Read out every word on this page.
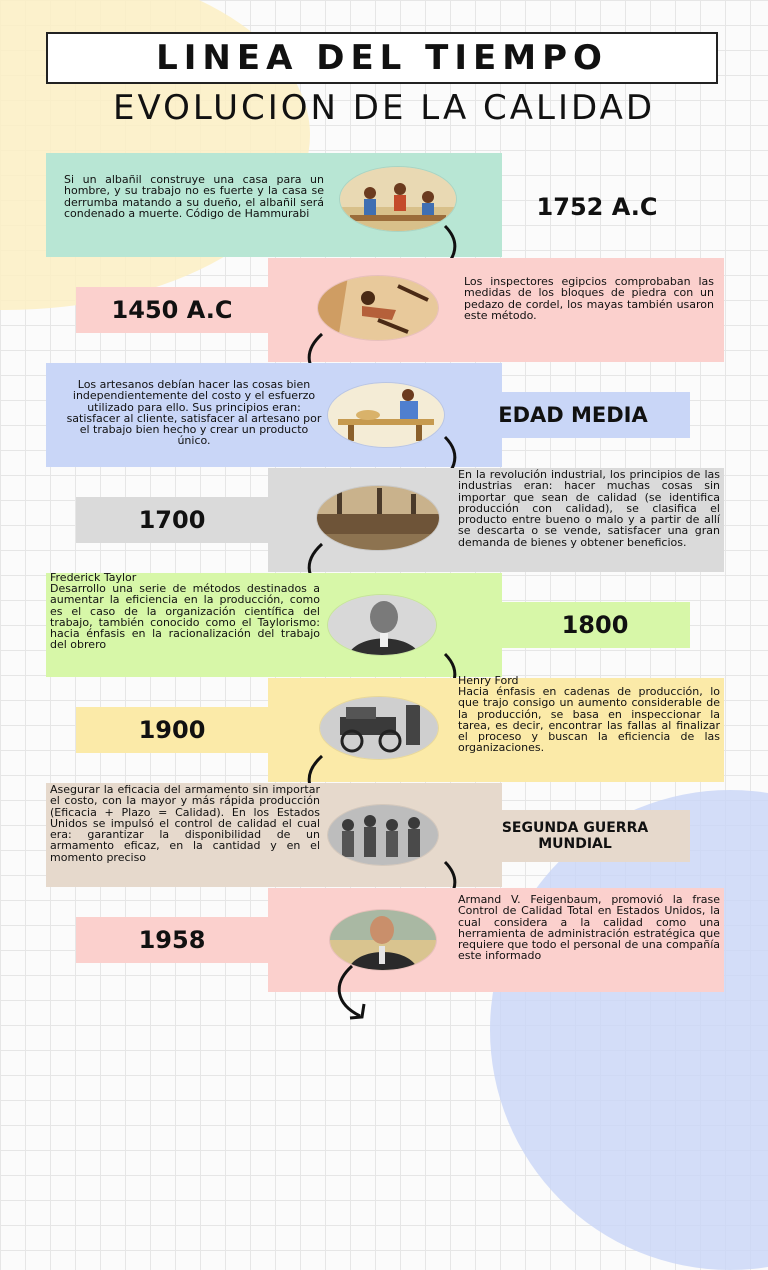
LINEA DEL TIEMPO
EVOLUCION DE LA CALIDAD
Si un albañil construye una casa para un hombre, y su trabajo no es fuerte y la casa se derrumba matando a su dueño, el albañil será condenado a muerte. Código de Hammurabi	1752 A.C
1450 A.C
Los inspectores egipcios comprobaban las medidas de los bloques de piedra con un pedazo de cordel, los mayas también usaron este método.
EDAD MEDIA
Los artesanos debían hacer las cosas bien independientemente del costo y el esfuerzo utilizado para ello. Sus principios eran: satisfacer al cliente, satisfacer al artesano por el trabajo bien hecho y crear un producto único.
1700
En la revolución industrial, los principios de las industrias eran: hacer muchas cosas sin importar que sean de calidad (se identifica producción con calidad), se clasifica el producto entre bueno o malo y a partir de allí se descarta o se vende, satisfacer una gran demanda de bienes y obtener beneficios.
1800
Frederick Taylor
Desarrollo una serie de métodos destinados a aumentar la eficiencia en la producción, como es el caso de la organización científica del trabajo, también conocido como el Taylorismo: hacia énfasis en la racionalización del trabajo del obrero
1900
Henry Ford
Hacia énfasis en cadenas de producción, lo que trajo consigo un aumento considerable de la producción, se basa en inspeccionar la tarea, es decir, encontrar las fallas al finalizar el proceso y buscan la eficiencia de las organizaciones.
SEGUNDA GUERRA MUNDIAL
Asegurar la eficacia del armamento sin importar el costo, con la mayor y más rápida producción (Eficacia + Plazo = Calidad). En los Estados Unidos se impulsó el control de calidad el cual era: garantizar la disponibilidad de un armamento eficaz, en la cantidad y en el momento preciso
1958
Armand V. Feigenbaum, promovió la frase Control de Calidad Total en Estados Unidos, la cual considera a la calidad como una herramienta de administración estratégica que requiere que todo el personal de una compañía este informado
